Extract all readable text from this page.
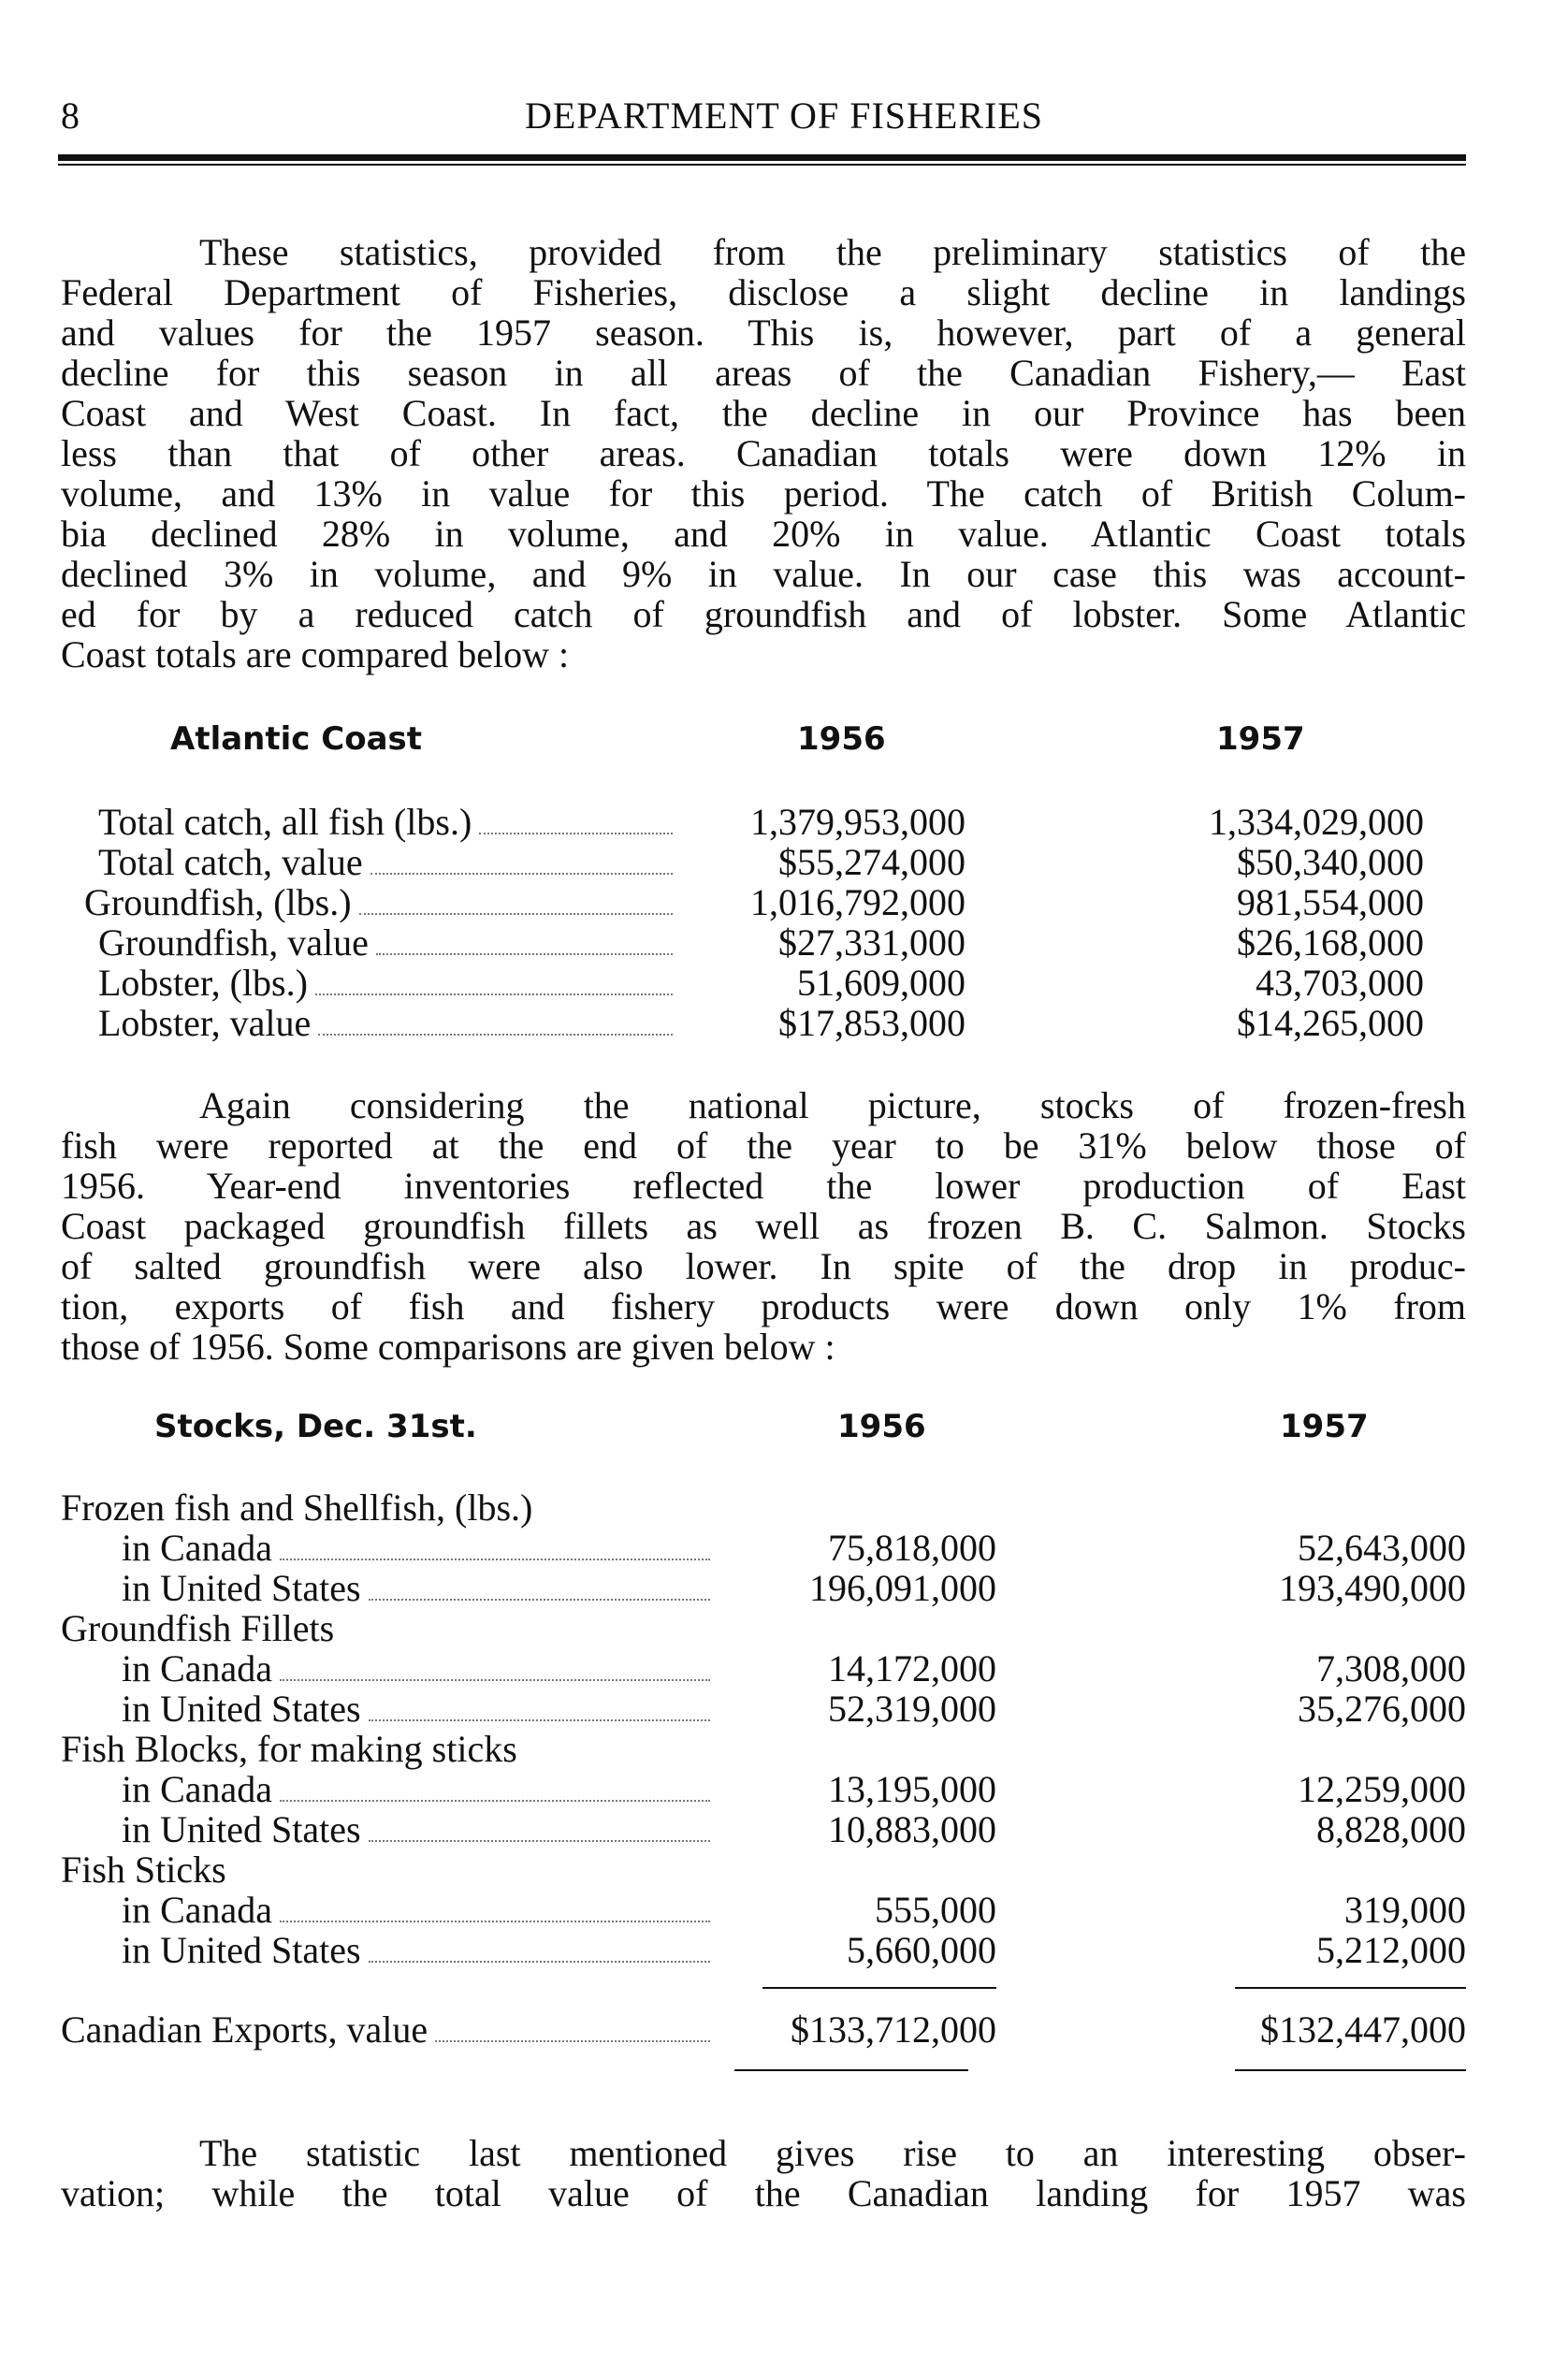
8	DEPARTMENT OF FISHERIES
These statistics, provided from the preliminary statistics of the
Federal Department of Fisheries, disclose a slight decline in landings
and values for the 1957 season. This is, however, part of a general
decline for this season in all areas of the Canadian Fishery,— East
Coast and West Coast. In fact, the decline in our Province has been
less than that of other areas. Canadian totals were down 12% in
volume, and 13% in value for this period. The catch of British Colum-
bia declined 28% in volume, and 20% in value. Atlantic Coast totals
declined 3% in volume, and 9% in value. In our case this was account-
ed for by a reduced catch of groundfish and of lobster. Some Atlantic
Coast totals are compared below :
Atlantic Coast	1956	1957
Total catch, all fish (lbs.)	1,379,953,000	1,334,029,000
Total catch, value	$55,274,000	$50,340,000
Groundfish, (lbs.)	1,016,792,000	981,554,000
Groundfish, value	$27,331,000	$26,168,000
Lobster, (lbs.)	51,609,000	43,703,000
Lobster, value	$17,853,000	$14,265,000
Again considering the national picture, stocks of frozen-fresh
fish were reported at the end of the year to be 31% below those of
1956. Year-end inventories reflected the lower production of East
Coast packaged groundfish fillets as well as frozen B. C. Salmon. Stocks
of salted groundfish were also lower. In spite of the drop in produc-
tion, exports of fish and fishery products were down only 1% from
those of 1956. Some comparisons are given below :
Stocks, Dec. 31st.	1956	1957
Frozen fish and Shellfish, (lbs.)
in Canada	75,818,000	52,643,000
in United States	196,091,000	193,490,000
Groundfish Fillets
in Canada	14,172,000	7,308,000
in United States	52,319,000	35,276,000
Fish Blocks, for making sticks
in Canada	13,195,000	12,259,000
in United States	10,883,000	8,828,000
Fish Sticks
in Canada	555,000	319,000
in United States	5,660,000	5,212,000
Canadian Exports, value	$133,712,000	$132,447,000
The statistic last mentioned gives rise to an interesting obser-
vation; while the total value of the Canadian landing for 1957 was
